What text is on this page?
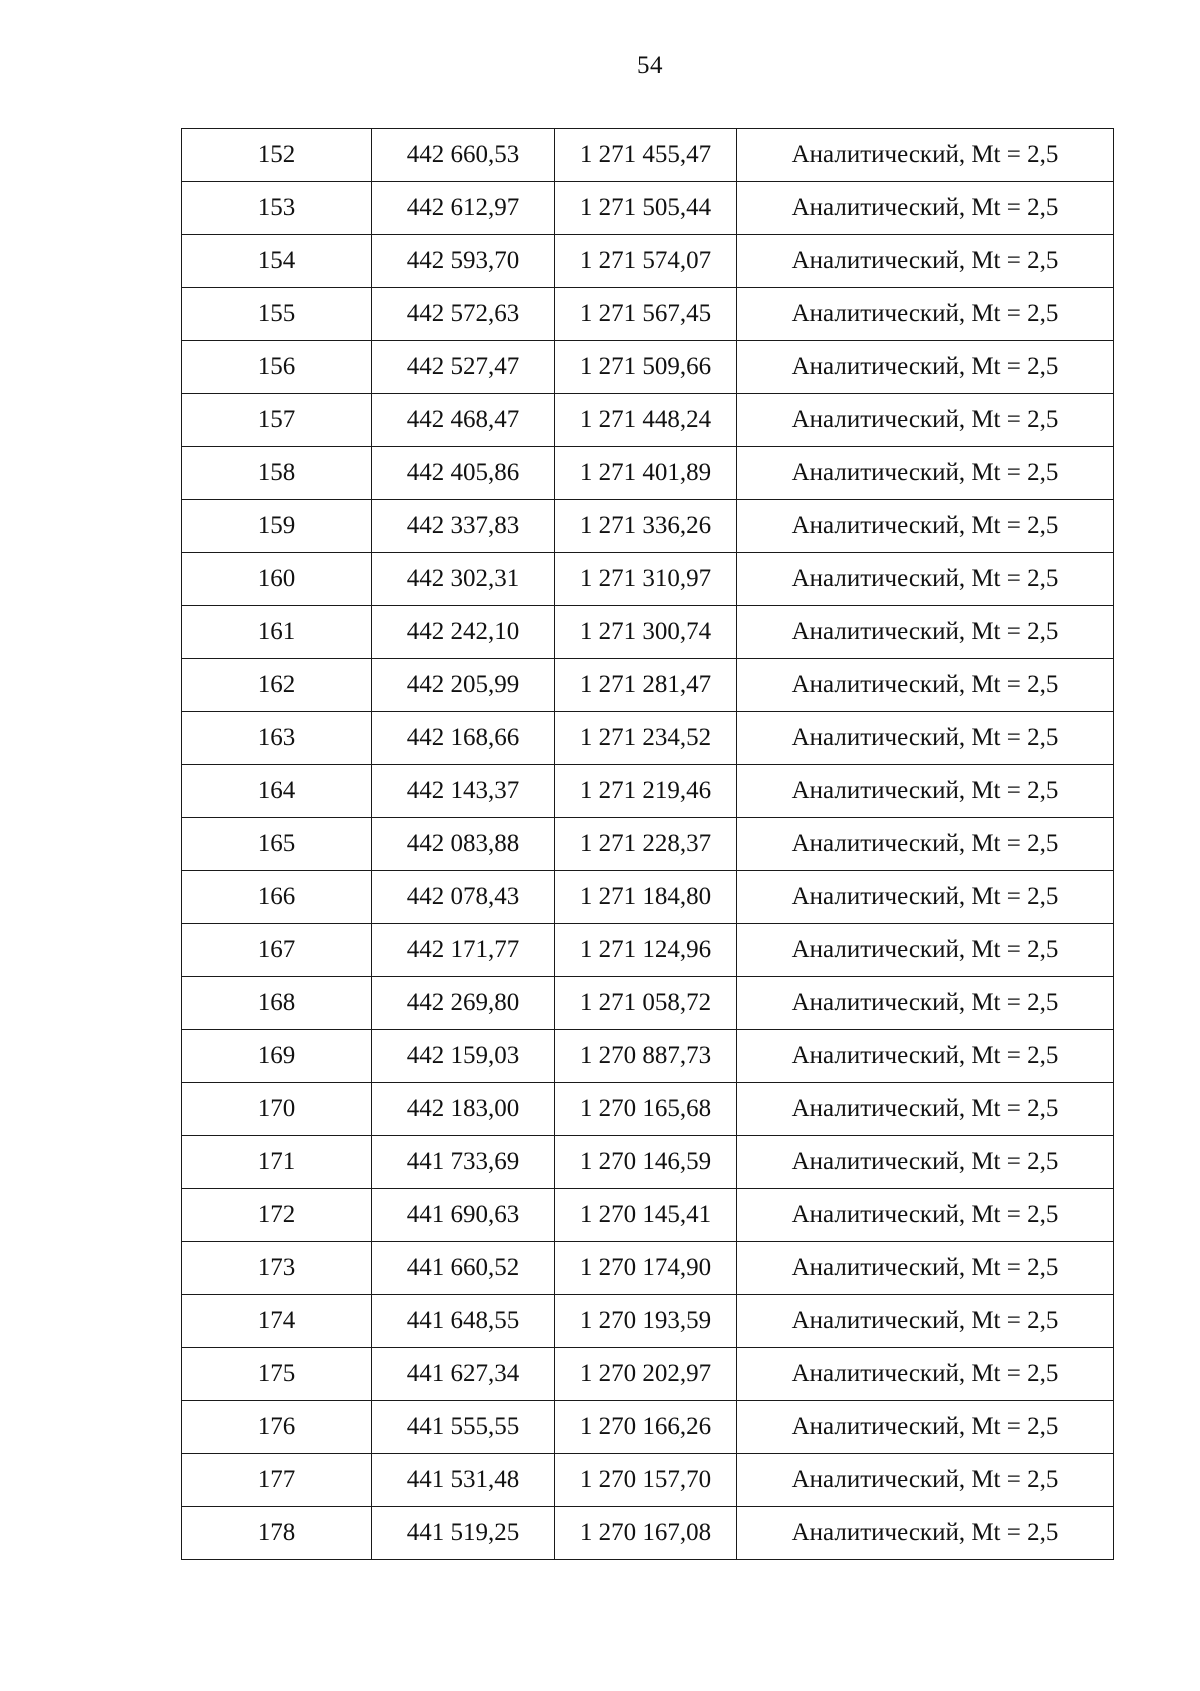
54
152	442 660,53	1 271 455,47	Аналитический, Mt = 2,5
153	442 612,97	1 271 505,44	Аналитический, Mt = 2,5
154	442 593,70	1 271 574,07	Аналитический, Mt = 2,5
155	442 572,63	1 271 567,45	Аналитический, Mt = 2,5
156	442 527,47	1 271 509,66	Аналитический, Mt = 2,5
157	442 468,47	1 271 448,24	Аналитический, Mt = 2,5
158	442 405,86	1 271 401,89	Аналитический, Mt = 2,5
159	442 337,83	1 271 336,26	Аналитический, Mt = 2,5
160	442 302,31	1 271 310,97	Аналитический, Mt = 2,5
161	442 242,10	1 271 300,74	Аналитический, Mt = 2,5
162	442 205,99	1 271 281,47	Аналитический, Mt = 2,5
163	442 168,66	1 271 234,52	Аналитический, Mt = 2,5
164	442 143,37	1 271 219,46	Аналитический, Mt = 2,5
165	442 083,88	1 271 228,37	Аналитический, Mt = 2,5
166	442 078,43	1 271 184,80	Аналитический, Mt = 2,5
167	442 171,77	1 271 124,96	Аналитический, Mt = 2,5
168	442 269,80	1 271 058,72	Аналитический, Mt = 2,5
169	442 159,03	1 270 887,73	Аналитический, Mt = 2,5
170	442 183,00	1 270 165,68	Аналитический, Mt = 2,5
171	441 733,69	1 270 146,59	Аналитический, Mt = 2,5
172	441 690,63	1 270 145,41	Аналитический, Mt = 2,5
173	441 660,52	1 270 174,90	Аналитический, Mt = 2,5
174	441 648,55	1 270 193,59	Аналитический, Mt = 2,5
175	441 627,34	1 270 202,97	Аналитический, Mt = 2,5
176	441 555,55	1 270 166,26	Аналитический, Mt = 2,5
177	441 531,48	1 270 157,70	Аналитический, Mt = 2,5
178	441 519,25	1 270 167,08	Аналитический, Mt = 2,5
